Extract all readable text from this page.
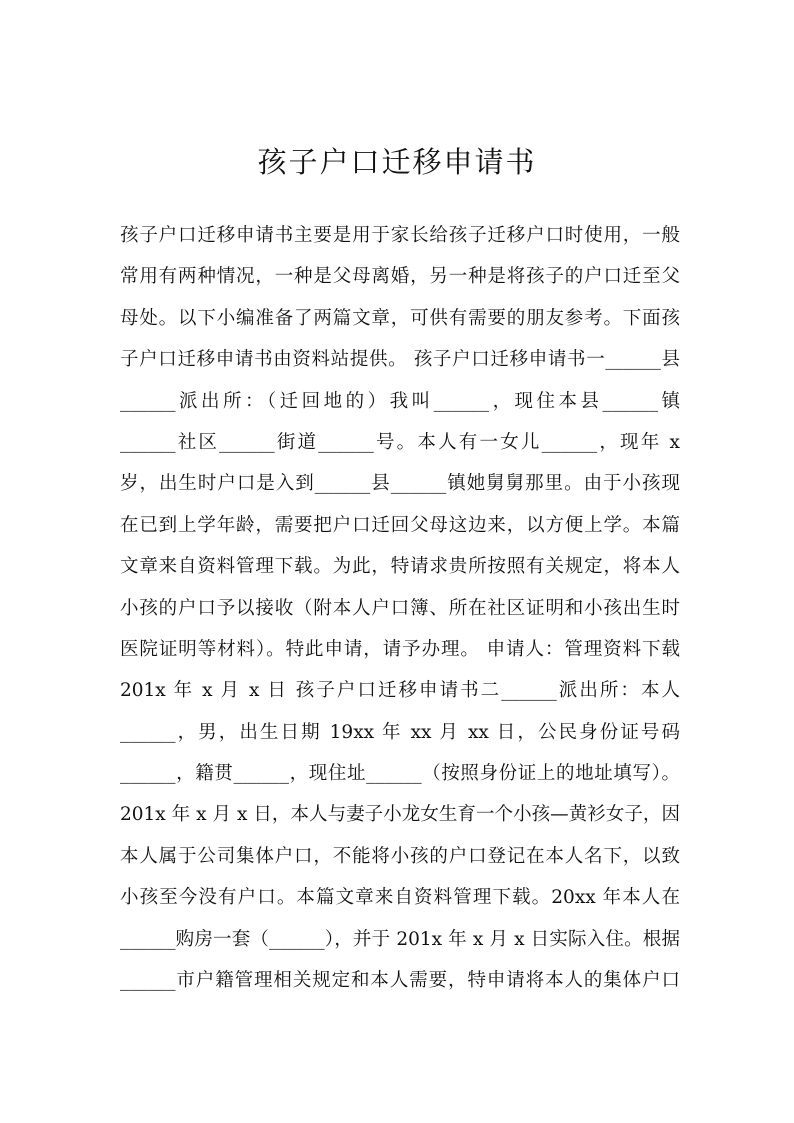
孩子户口迁移申请书
孩子户口迁移申请书主要是用于家长给孩子迁移户口时使用，一般
常用有两种情况，一种是父母离婚，另一种是将孩子的户口迁至父
母处。以下小编准备了两篇文章，可供有需要的朋友参考。下面孩
子户口迁移申请书由资料站提供。 孩子户口迁移申请书一______县
______派出所：（迁回地的）我叫______，现住本县______镇
______社区______街道______号。本人有一女儿______，现年 x
岁，出生时户口是入到______县______镇她舅舅那里。由于小孩现
在已到上学年龄，需要把户口迁回父母这边来，以方便上学。本篇
文章来自资料管理下载。为此，特请求贵所按照有关规定，将本人
小孩的户口予以接收（附本人户口簿、所在社区证明和小孩出生时
医院证明等材料）。特此申请，请予办理。 申请人：管理资料下载
201x 年 x 月 x 日 孩子户口迁移申请书二______派出所：本人
______，男，出生日期 19xx 年 xx 月 xx 日，公民身份证号码
______，籍贯______，现住址______（按照身份证上的地址填写）。
201x 年 x 月 x 日，本人与妻子小龙女生育一个小孩—黄衫女子，因
本人属于公司集体户口，不能将小孩的户口登记在本人名下，以致
小孩至今没有户口。本篇文章来自资料管理下载。20xx 年本人在
______购房一套（______），并于 201x 年 x 月 x 日实际入住。根据
______市户籍管理相关规定和本人需要，特申请将本人的集体户口
